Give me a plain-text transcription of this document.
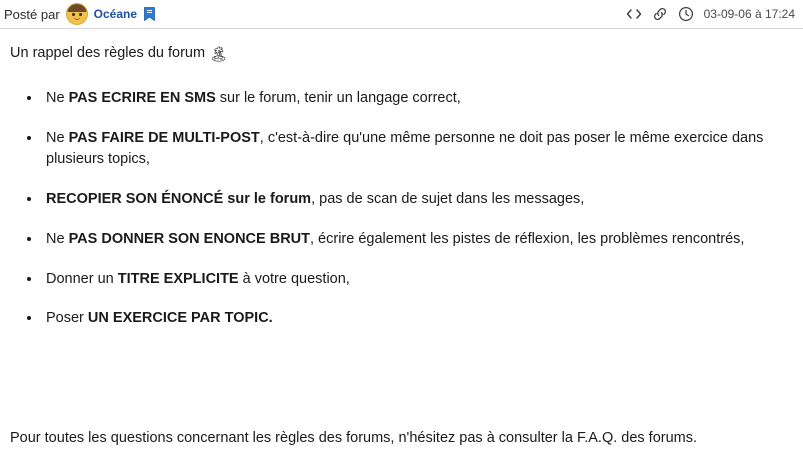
Posté par	Océane	03-09-06 à 17:24

Un rappel des règles du forum 🏝

• Ne PAS ECRIRE EN SMS sur le forum, tenir un langage correct,
• Ne PAS FAIRE DE MULTI-POST, c'est-à-dire qu'une même personne ne doit pas poser le même exercice dans plusieurs topics,
• RECOPIER SON ÉNONCÉ sur le forum, pas de scan de sujet dans les messages,
• Ne PAS DONNER SON ENONCE BRUT, écrire également les pistes de réflexion, les problèmes rencontrés,
• Donner un TITRE EXPLICITE à votre question,
• Poser UN EXERCICE PAR TOPIC.
Pour toutes les questions concernant les règles des forums, n'hésitez pas à consulter la F.A.Q. des forums.
